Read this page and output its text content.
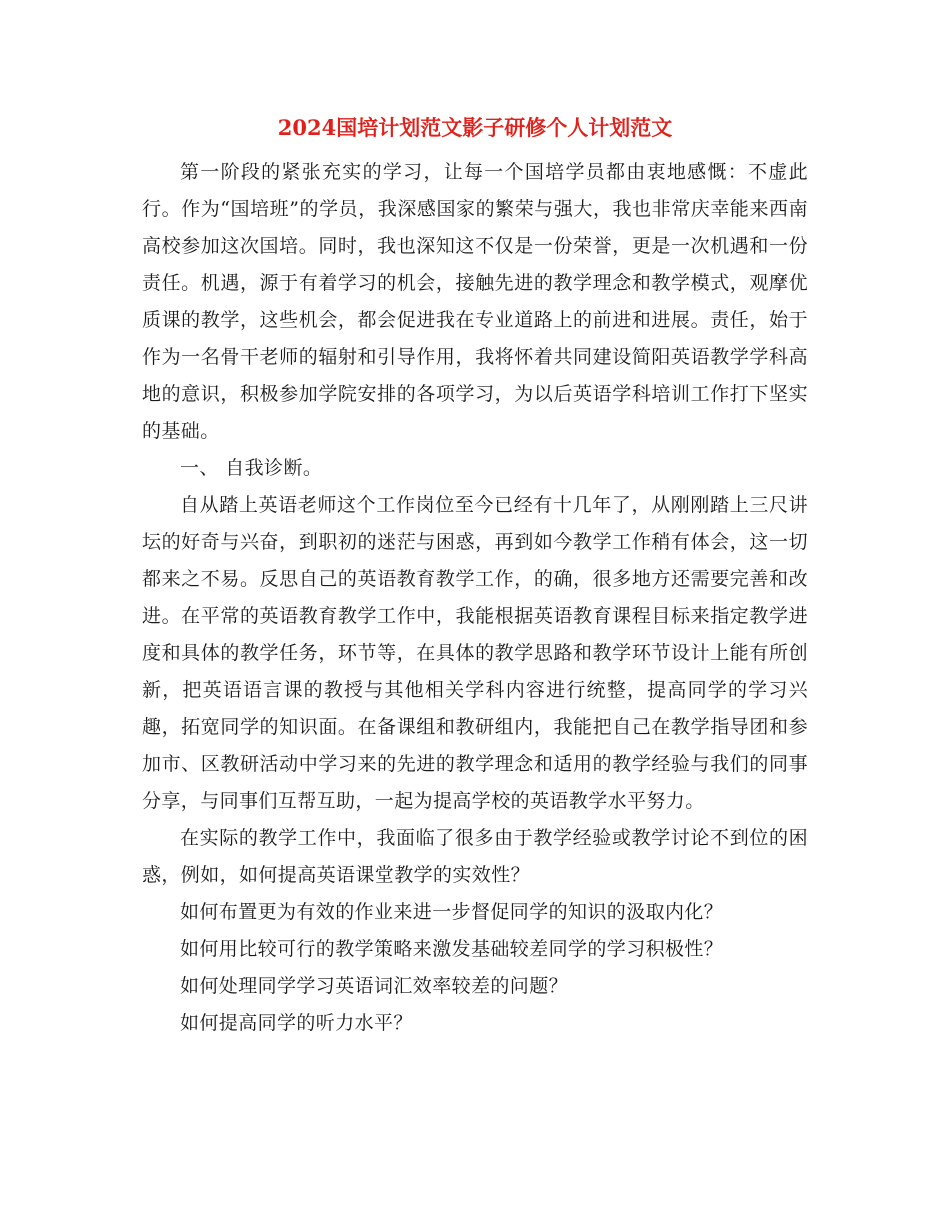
2024国培计划范文影子研修个人计划范文

第一阶段的紧张充实的学习，让每一个国培学员都由衷地感慨：不虚此行。作为“国培班”的学员，我深感国家的繁荣与强大，我也非常庆幸能来西南高校参加这次国培。同时，我也深知这不仅是一份荣誉，更是一次机遇和一份责任。机遇，源于有着学习的机会，接触先进的教学理念和教学模式，观摩优质课的教学，这些机会，都会促进我在专业道路上的前进和进展。责任，始于作为一名骨干老师的辐射和引导作用，我将怀着共同建设简阳英语教学学科高地的意识，积极参加学院安排的各项学习，为以后英语学科培训工作打下坚实的基础。

一、 自我诊断。

自从踏上英语老师这个工作岗位至今已经有十几年了，从刚刚踏上三尺讲坛的好奇与兴奋，到职初的迷茫与困惑，再到如今教学工作稍有体会，这一切都来之不易。反思自己的英语教育教学工作，的确，很多地方还需要完善和改进。在平常的英语教育教学工作中，我能根据英语教育课程目标来指定教学进度和具体的教学任务，环节等，在具体的教学思路和教学环节设计上能有所创新，把英语语言课的教授与其他相关学科内容进行统整，提高同学的学习兴趣，拓宽同学的知识面。在备课组和教研组内，我能把自己在教学指导团和参加市、区教研活动中学习来的先进的教学理念和适用的教学经验与我们的同事分享，与同事们互帮互助，一起为提高学校的英语教学水平努力。

在实际的教学工作中，我面临了很多由于教学经验或教学讨论不到位的困惑，例如，如何提高英语课堂教学的实效性？

如何布置更为有效的作业来进一步督促同学的知识的汲取内化？

如何用比较可行的教学策略来激发基础较差同学的学习积极性？

如何处理同学学习英语词汇效率较差的问题？

如何提高同学的听力水平？
